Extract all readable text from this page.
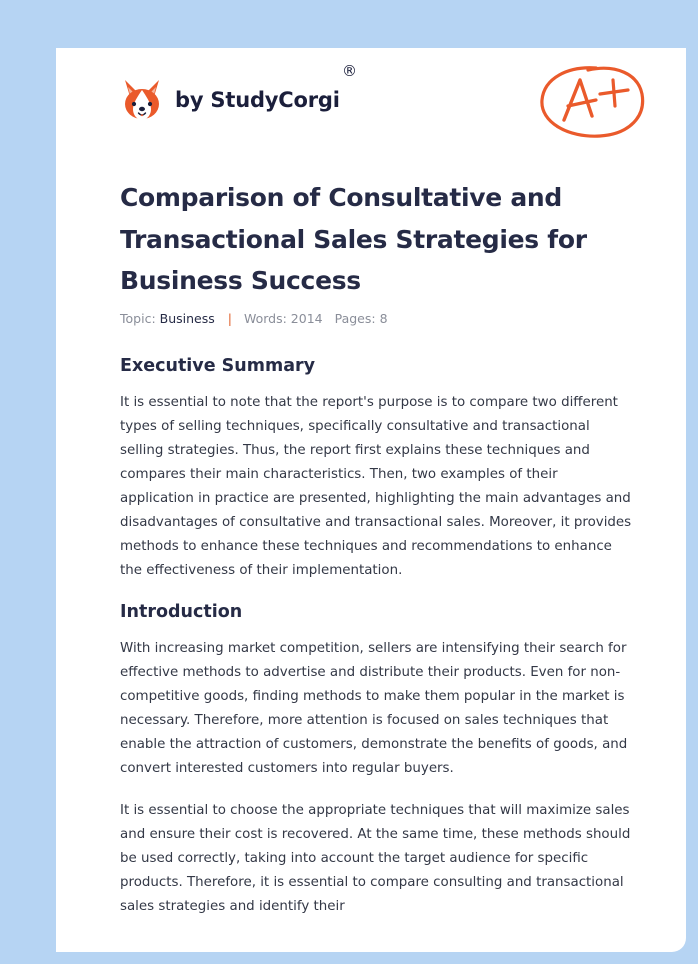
by StudyCorgi
®
Comparison of Consultative and Transactional Sales Strategies for Business Success
Topic: Business | Words: 2014 Pages: 8
Executive Summary

It is essential to note that the report's purpose is to compare two different types of selling techniques, specifically consultative and transactional selling strategies. Thus, the report first explains these techniques and compares their main characteristics. Then, two examples of their application in practice are presented, highlighting the main advantages and disadvantages of consultative and transactional sales. Moreover, it provides methods to enhance these techniques and recommendations to enhance the effectiveness of their implementation.

Introduction

With increasing market competition, sellers are intensifying their search for effective methods to advertise and distribute their products. Even for non-competitive goods, finding methods to make them popular in the market is necessary. Therefore, more attention is focused on sales techniques that enable the attraction of customers, demonstrate the benefits of goods, and convert interested customers into regular buyers.

It is essential to choose the appropriate techniques that will maximize sales and ensure their cost is recovered. At the same time, these methods should be used correctly, taking into account the target audience for specific products. Therefore, it is essential to compare consulting and transactional sales strategies and identify their
